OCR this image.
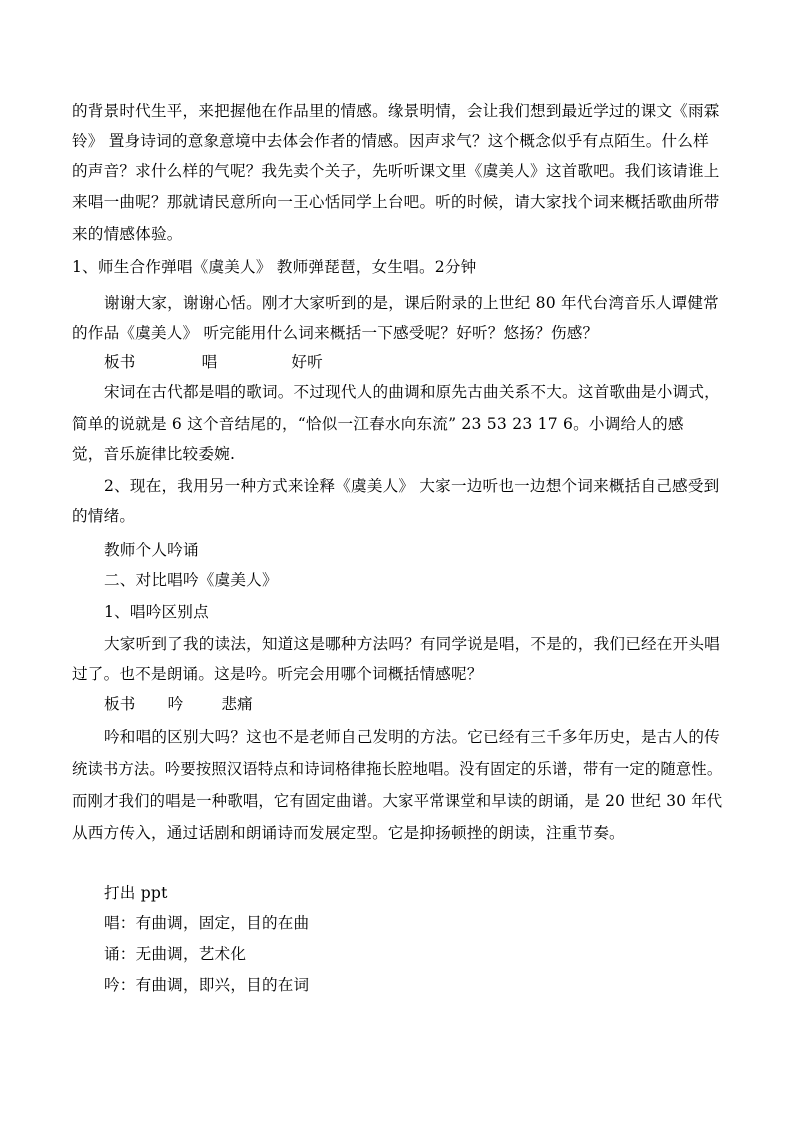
的背景时代生平，来把握他在作品里的情感。缘景明情，会让我们想到最近学过的课文《雨霖
铃》 置身诗词的意象意境中去体会作者的情感。因声求气？这个概念似乎有点陌生。什么样
的声音？求什么样的气呢？我先卖个关子，先听听课文里《虞美人》这首歌吧。我们该请谁上
来唱一曲呢？那就请民意所向一王心恬同学上台吧。听的时候，请大家找个词来概括歌曲所带
来的情感体验。
1、师生合作弹唱《虞美人》 教师弹琵琶，女生唱。2分钟
谢谢大家，谢谢心恬。刚才大家听到的是，课后附录的上世纪 80 年代台湾音乐人谭健常
的作品《虞美人》 听完能用什么词来概括一下感受呢？好听？悠扬？伤感？
板书	唱	好听
宋词在古代都是唱的歌词。不过现代人的曲调和原先古曲关系不大。这首歌曲是小调式，
简单的说就是 6 这个音结尾的，“恰似一江春水向东流” 23 53 23 17 6。小调给人的感
觉，音乐旋律比较委婉.
2、现在，我用另一种方式来诠释《虞美人》 大家一边听也一边想个词来概括自己感受到
的情绪。
教师个人吟诵
二、对比唱吟《虞美人》
1、唱吟区别点
大家听到了我的读法，知道这是哪种方法吗？有同学说是唱，不是的，我们已经在开头唱
过了。也不是朗诵。这是吟。听完会用哪个词概括情感呢？
板书 吟 悲痛
吟和唱的区别大吗？这也不是老师自己发明的方法。它已经有三千多年历史，是古人的传
统读书方法。吟要按照汉语特点和诗词格律拖长腔地唱。没有固定的乐谱，带有一定的随意性。
而刚才我们的唱是一种歌唱，它有固定曲谱。大家平常课堂和早读的朗诵，是 20 世纪 30 年代
从西方传入，通过话剧和朗诵诗而发展定型。它是抑扬顿挫的朗读，注重节奏。
打出 ppt
唱：有曲调，固定，目的在曲
诵：无曲调，艺术化
吟：有曲调，即兴，目的在词
